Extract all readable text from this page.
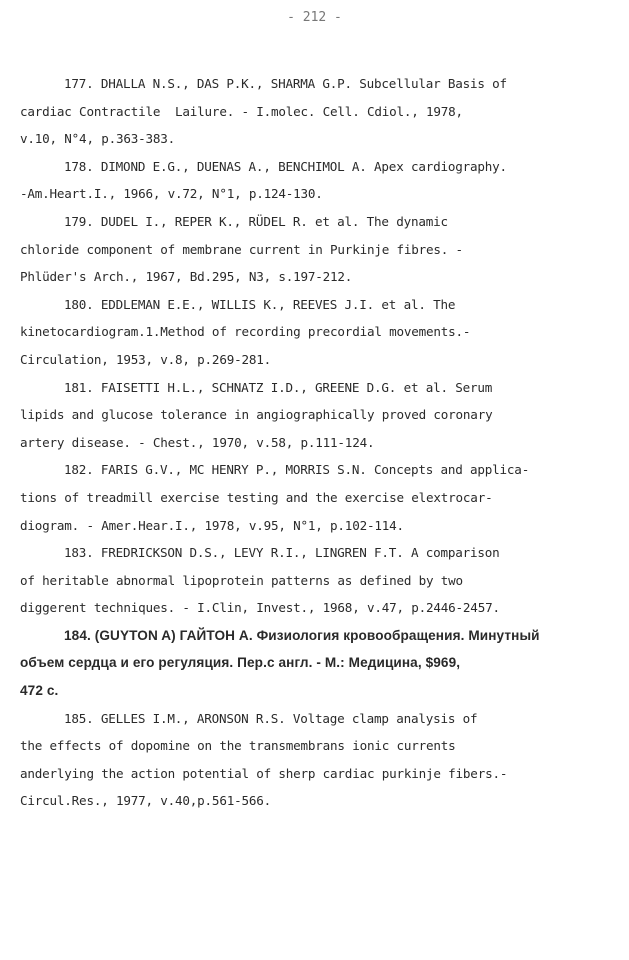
- 212 -
177. DHALLA N.S., DAS P.K., SHARMA G.P. Subcellular Basis of
cardiac Contractile  Lailure. - I.molec. Cell. Cdiol., 1978,
v.10, N°4, p.363-383.
178. DIMOND E.G., DUENAS A., BENCHIMOL A. Apex cardiography.
-Am.Heart.I., 1966, v.72, N°1, p.124-130.
179. DUDEL I., REPER K., RÜDEL R. et al. The dynamic
chloride component of membrane current in Purkinje fibres. -
Phlüder's Arch., 1967, Bd.295, N3, s.197-212.
180. EDDLEMAN E.E., WILLIS K., REEVES J.I. et al. The
kinetocardiogram.1.Method of recording precordial movements.-
Circulation, 1953, v.8, p.269-281.
181. FAISETTI H.L., SCHNATZ I.D., GREENE D.G. et al. Serum
lipids and glucose tolerance in angiographically proved coronary
artery disease. - Chest., 1970, v.58, p.111-124.
182. FARIS G.V., MC HENRY P., MORRIS S.N. Concepts and applica-
tions of treadmill exercise testing and the exercise elextrocar-
diogram. - Amer.Hear.I., 1978, v.95, N°1, p.102-114.
183. FREDRICKSON D.S., LEVY R.I., LINGREN F.T. A comparison
of heritable abnormal lipoprotein patterns as defined by two
diggerent techniques. - I.Clin, Invest., 1968, v.47, p.2446-2457.
184. (GUYTON A) ГАЙТОН А. Физиология кровообращения. Минутный
объем сердца и его регуляция. Пер.с англ. - М.: Медицина, $969,
472 с.
185. GELLES I.M., ARONSON R.S. Voltage clamp analysis of
the effects of dopomine on the transmembrans ionic currents
anderlying the action potential of sherp cardiac purkinje fibers.-
Circul.Res., 1977, v.40,p.561-566.
